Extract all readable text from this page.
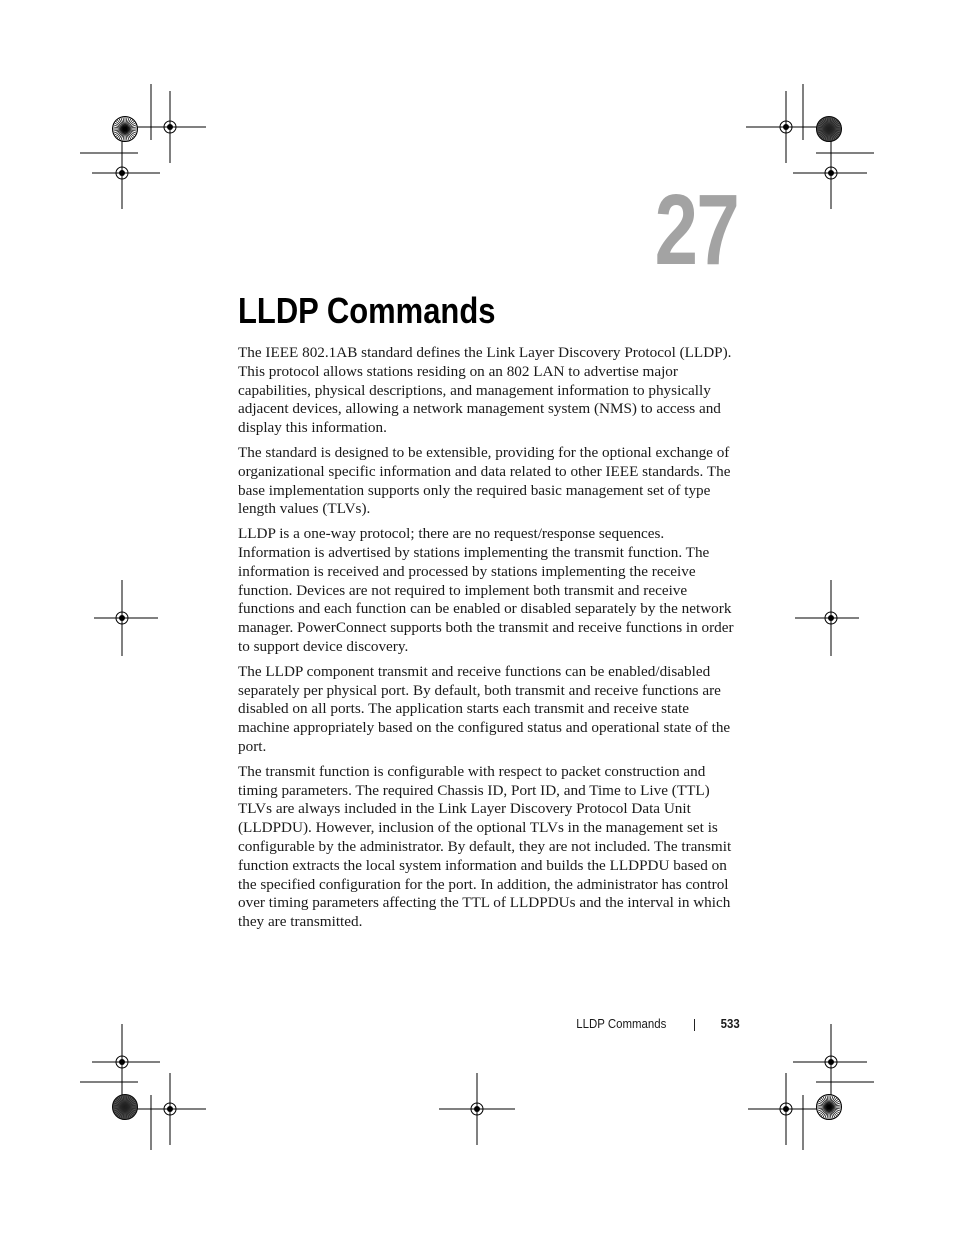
27
LLDP Commands

The IEEE 802.1AB standard defines the Link Layer Discovery Protocol (LLDP). This protocol allows stations residing on an 802 LAN to advertise major capabilities, physical descriptions, and management information to physically adjacent devices, allowing a network management system (NMS) to access and display this information.

The standard is designed to be extensible, providing for the optional exchange of organizational specific information and data related to other IEEE standards. The base implementation supports only the required basic management set of type length values (TLVs).

LLDP is a one-way protocol; there are no request/response sequences. Information is advertised by stations implementing the transmit function. The information is received and processed by stations implementing the receive function. Devices are not required to implement both transmit and receive functions and each function can be enabled or disabled separately by the network manager. PowerConnect supports both the transmit and receive functions in order to support device discovery.

The LLDP component transmit and receive functions can be enabled/disabled separately per physical port. By default, both transmit and receive functions are disabled on all ports. The application starts each transmit and receive state machine appropriately based on the configured status and operational state of the port.

The transmit function is configurable with respect to packet construction and timing parameters. The required Chassis ID, Port ID, and Time to Live (TTL) TLVs are always included in the Link Layer Discovery Protocol Data Unit (LLDPDU). However, inclusion of the optional TLVs in the management set is configurable by the administrator. By default, they are not included. The transmit function extracts the local system information and builds the LLDPDU based on the specified configuration for the port. In addition, the administrator has control over timing parameters affecting the TTL of LLDPDUs and the interval in which they are transmitted.

LLDP Commands	533
